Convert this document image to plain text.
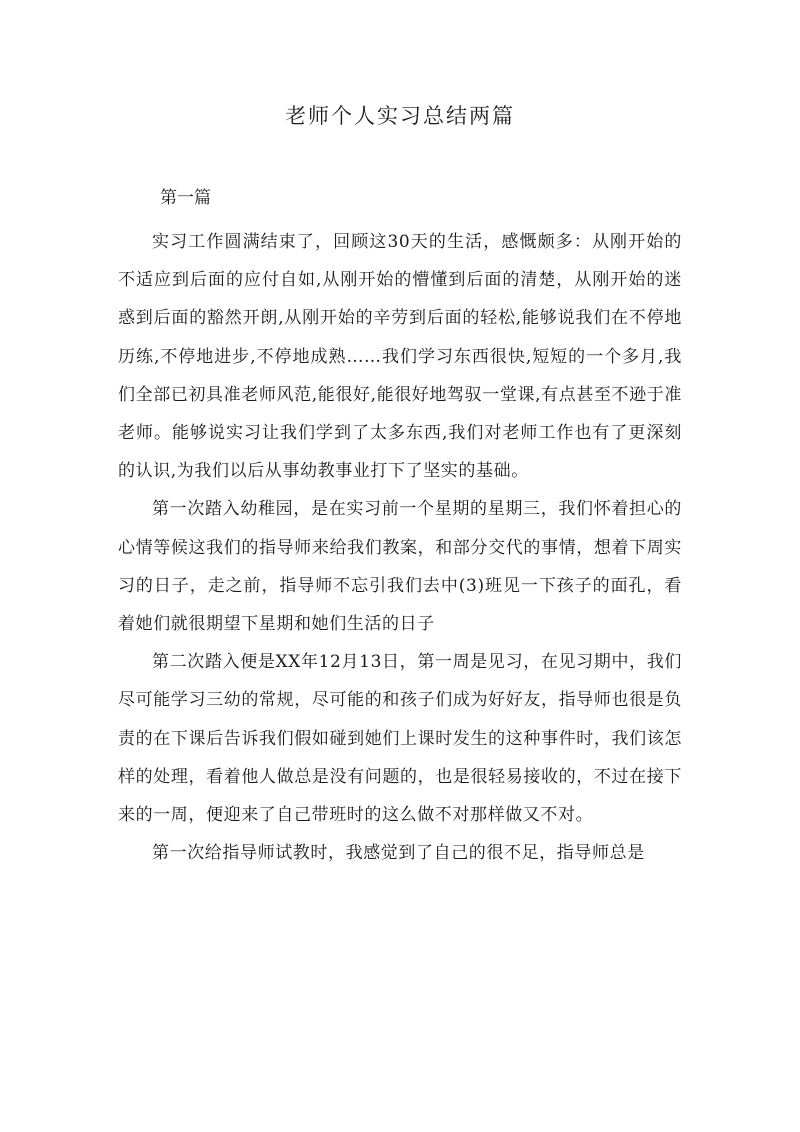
老师个人实习总结两篇

第一篇

实习工作圆满结束了，回顾这30天的生活，感慨颇多：从刚开始的不适应到后面的应付自如,从刚开始的懵懂到后面的清楚，从刚开始的迷惑到后面的豁然开朗,从刚开始的辛劳到后面的轻松,能够说我们在不停地历练,不停地进步,不停地成熟……我们学习东西很快,短短的一个多月,我们全部已初具准老师风范,能很好,能很好地驾驭一堂课,有点甚至不逊于准老师。能够说实习让我们学到了太多东西,我们对老师工作也有了更深刻的认识,为我们以后从事幼教事业打下了坚实的基础。

第一次踏入幼稚园，是在实习前一个星期的星期三，我们怀着担心的心情等候这我们的指导师来给我们教案，和部分交代的事情，想着下周实习的日子，走之前，指导师不忘引我们去中(3)班见一下孩子的面孔，看着她们就很期望下星期和她们生活的日子

第二次踏入便是XX年12月13日，第一周是见习，在见习期中，我们尽可能学习三幼的常规，尽可能的和孩子们成为好好友，指导师也很是负责的在下课后告诉我们假如碰到她们上课时发生的这种事件时，我们该怎样的处理，看着他人做总是没有问题的，也是很轻易接收的，不过在接下来的一周，便迎来了自己带班时的这么做不对那样做又不对。

第一次给指导师试教时，我感觉到了自己的很不足，指导师总是
